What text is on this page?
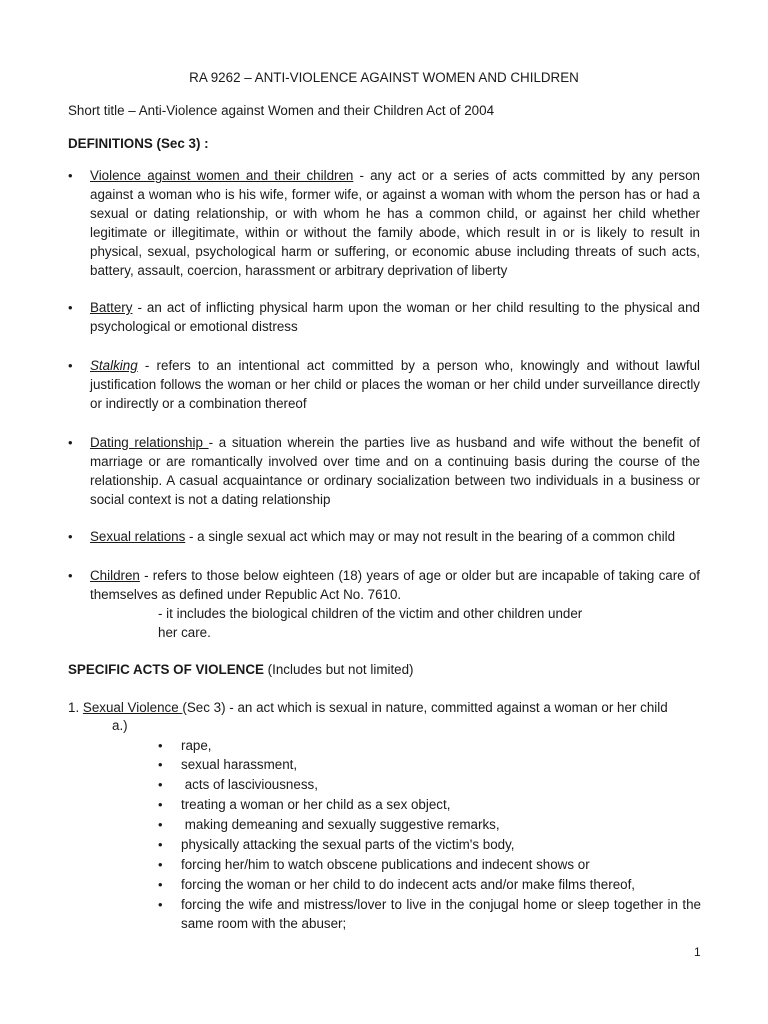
RA 9262 – ANTI-VIOLENCE AGAINST WOMEN AND CHILDREN
Short title – Anti-Violence against Women and their Children Act of 2004
DEFINITIONS (Sec 3) :
• Violence against women and their children - any act or a series of acts committed by any person against a woman who is his wife, former wife, or against a woman with whom the person has or had a sexual or dating relationship, or with whom he has a common child, or against her child whether legitimate or illegitimate, within or without the family abode, which result in or is likely to result in physical, sexual, psychological harm or suffering, or economic abuse including threats of such acts, battery, assault, coercion, harassment or arbitrary deprivation of liberty
• Battery - an act of inflicting physical harm upon the woman or her child resulting to the physical and psychological or emotional distress
• Stalking - refers to an intentional act committed by a person who, knowingly and without lawful justification follows the woman or her child or places the woman or her child under surveillance directly or indirectly or a combination thereof
• Dating relationship - a situation wherein the parties live as husband and wife without the benefit of marriage or are romantically involved over time and on a continuing basis during the course of the relationship. A casual acquaintance or ordinary socialization between two individuals in a business or social context is not a dating relationship
• Sexual relations - a single sexual act which may or may not result in the bearing of a common child
• Children - refers to those below eighteen (18) years of age or older but are incapable of taking care of themselves as defined under Republic Act No. 7610.
- it includes the biological children of the victim and other children under
her care.
SPECIFIC ACTS OF VIOLENCE (Includes but not limited)
1. Sexual Violence (Sec 3) - an act which is sexual in nature, committed against a woman or her child
a.)
• rape,
• sexual harassment,
• acts of lasciviousness,
• treating a woman or her child as a sex object,
• making demeaning and sexually suggestive remarks,
• physically attacking the sexual parts of the victim's body,
• forcing her/him to watch obscene publications and indecent shows or
• forcing the woman or her child to do indecent acts and/or make films thereof,
• forcing the wife and mistress/lover to live in the conjugal home or sleep together in the same room with the abuser;
1
